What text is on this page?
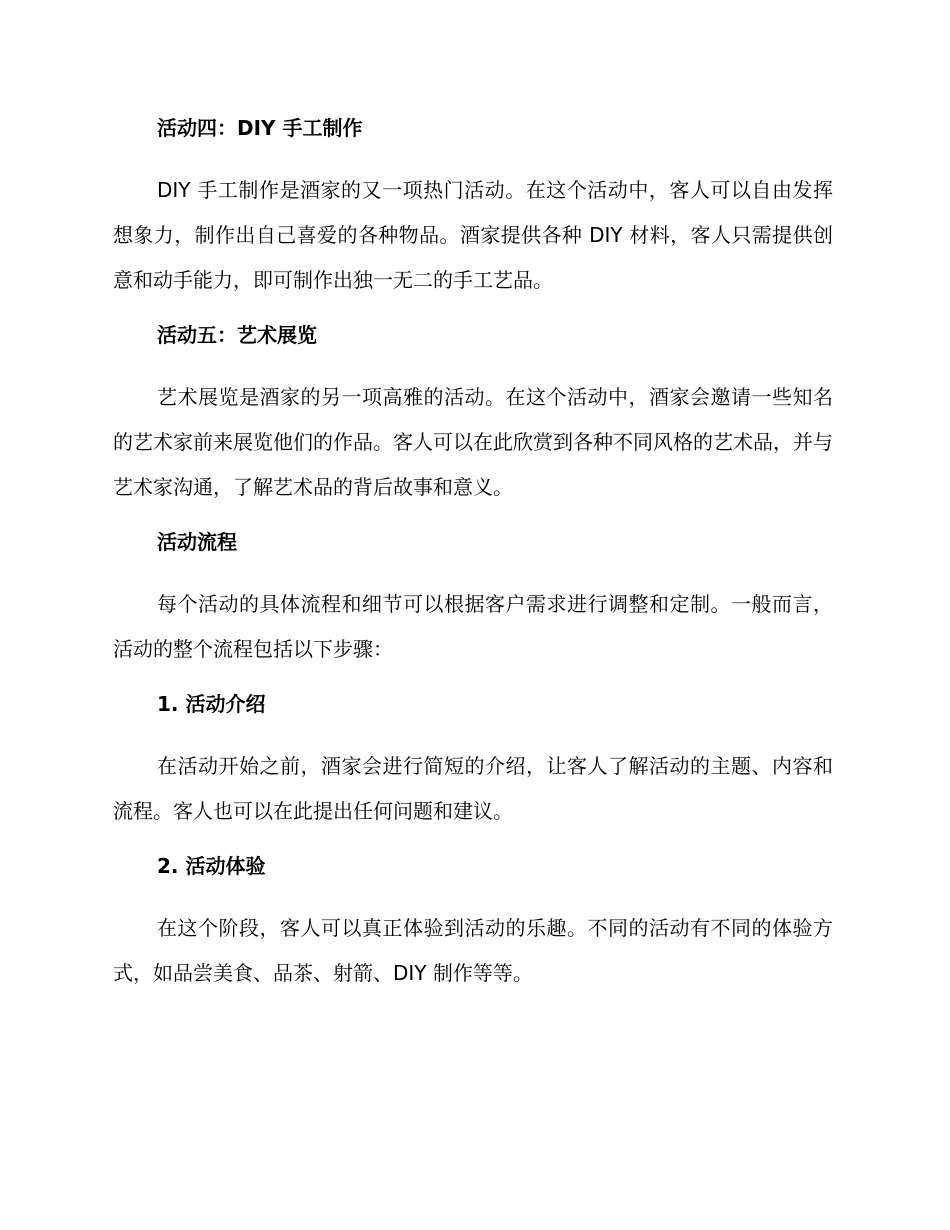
活动四：DIY 手工制作

DIY 手工制作是酒家的又一项热门活动。在这个活动中，客人可以自由发挥想象力，制作出自己喜爱的各种物品。酒家提供各种 DIY 材料，客人只需提供创意和动手能力，即可制作出独一无二的手工艺品。

活动五：艺术展览

艺术展览是酒家的另一项高雅的活动。在这个活动中，酒家会邀请一些知名的艺术家前来展览他们的作品。客人可以在此欣赏到各种不同风格的艺术品，并与艺术家沟通，了解艺术品的背后故事和意义。

活动流程

每个活动的具体流程和细节可以根据客户需求进行调整和定制。一般而言，活动的整个流程包括以下步骤：

1. 活动介绍

在活动开始之前，酒家会进行简短的介绍，让客人了解活动的主题、内容和流程。客人也可以在此提出任何问题和建议。

2. 活动体验

在这个阶段，客人可以真正体验到活动的乐趣。不同的活动有不同的体验方式，如品尝美食、品茶、射箭、DIY 制作等等。
